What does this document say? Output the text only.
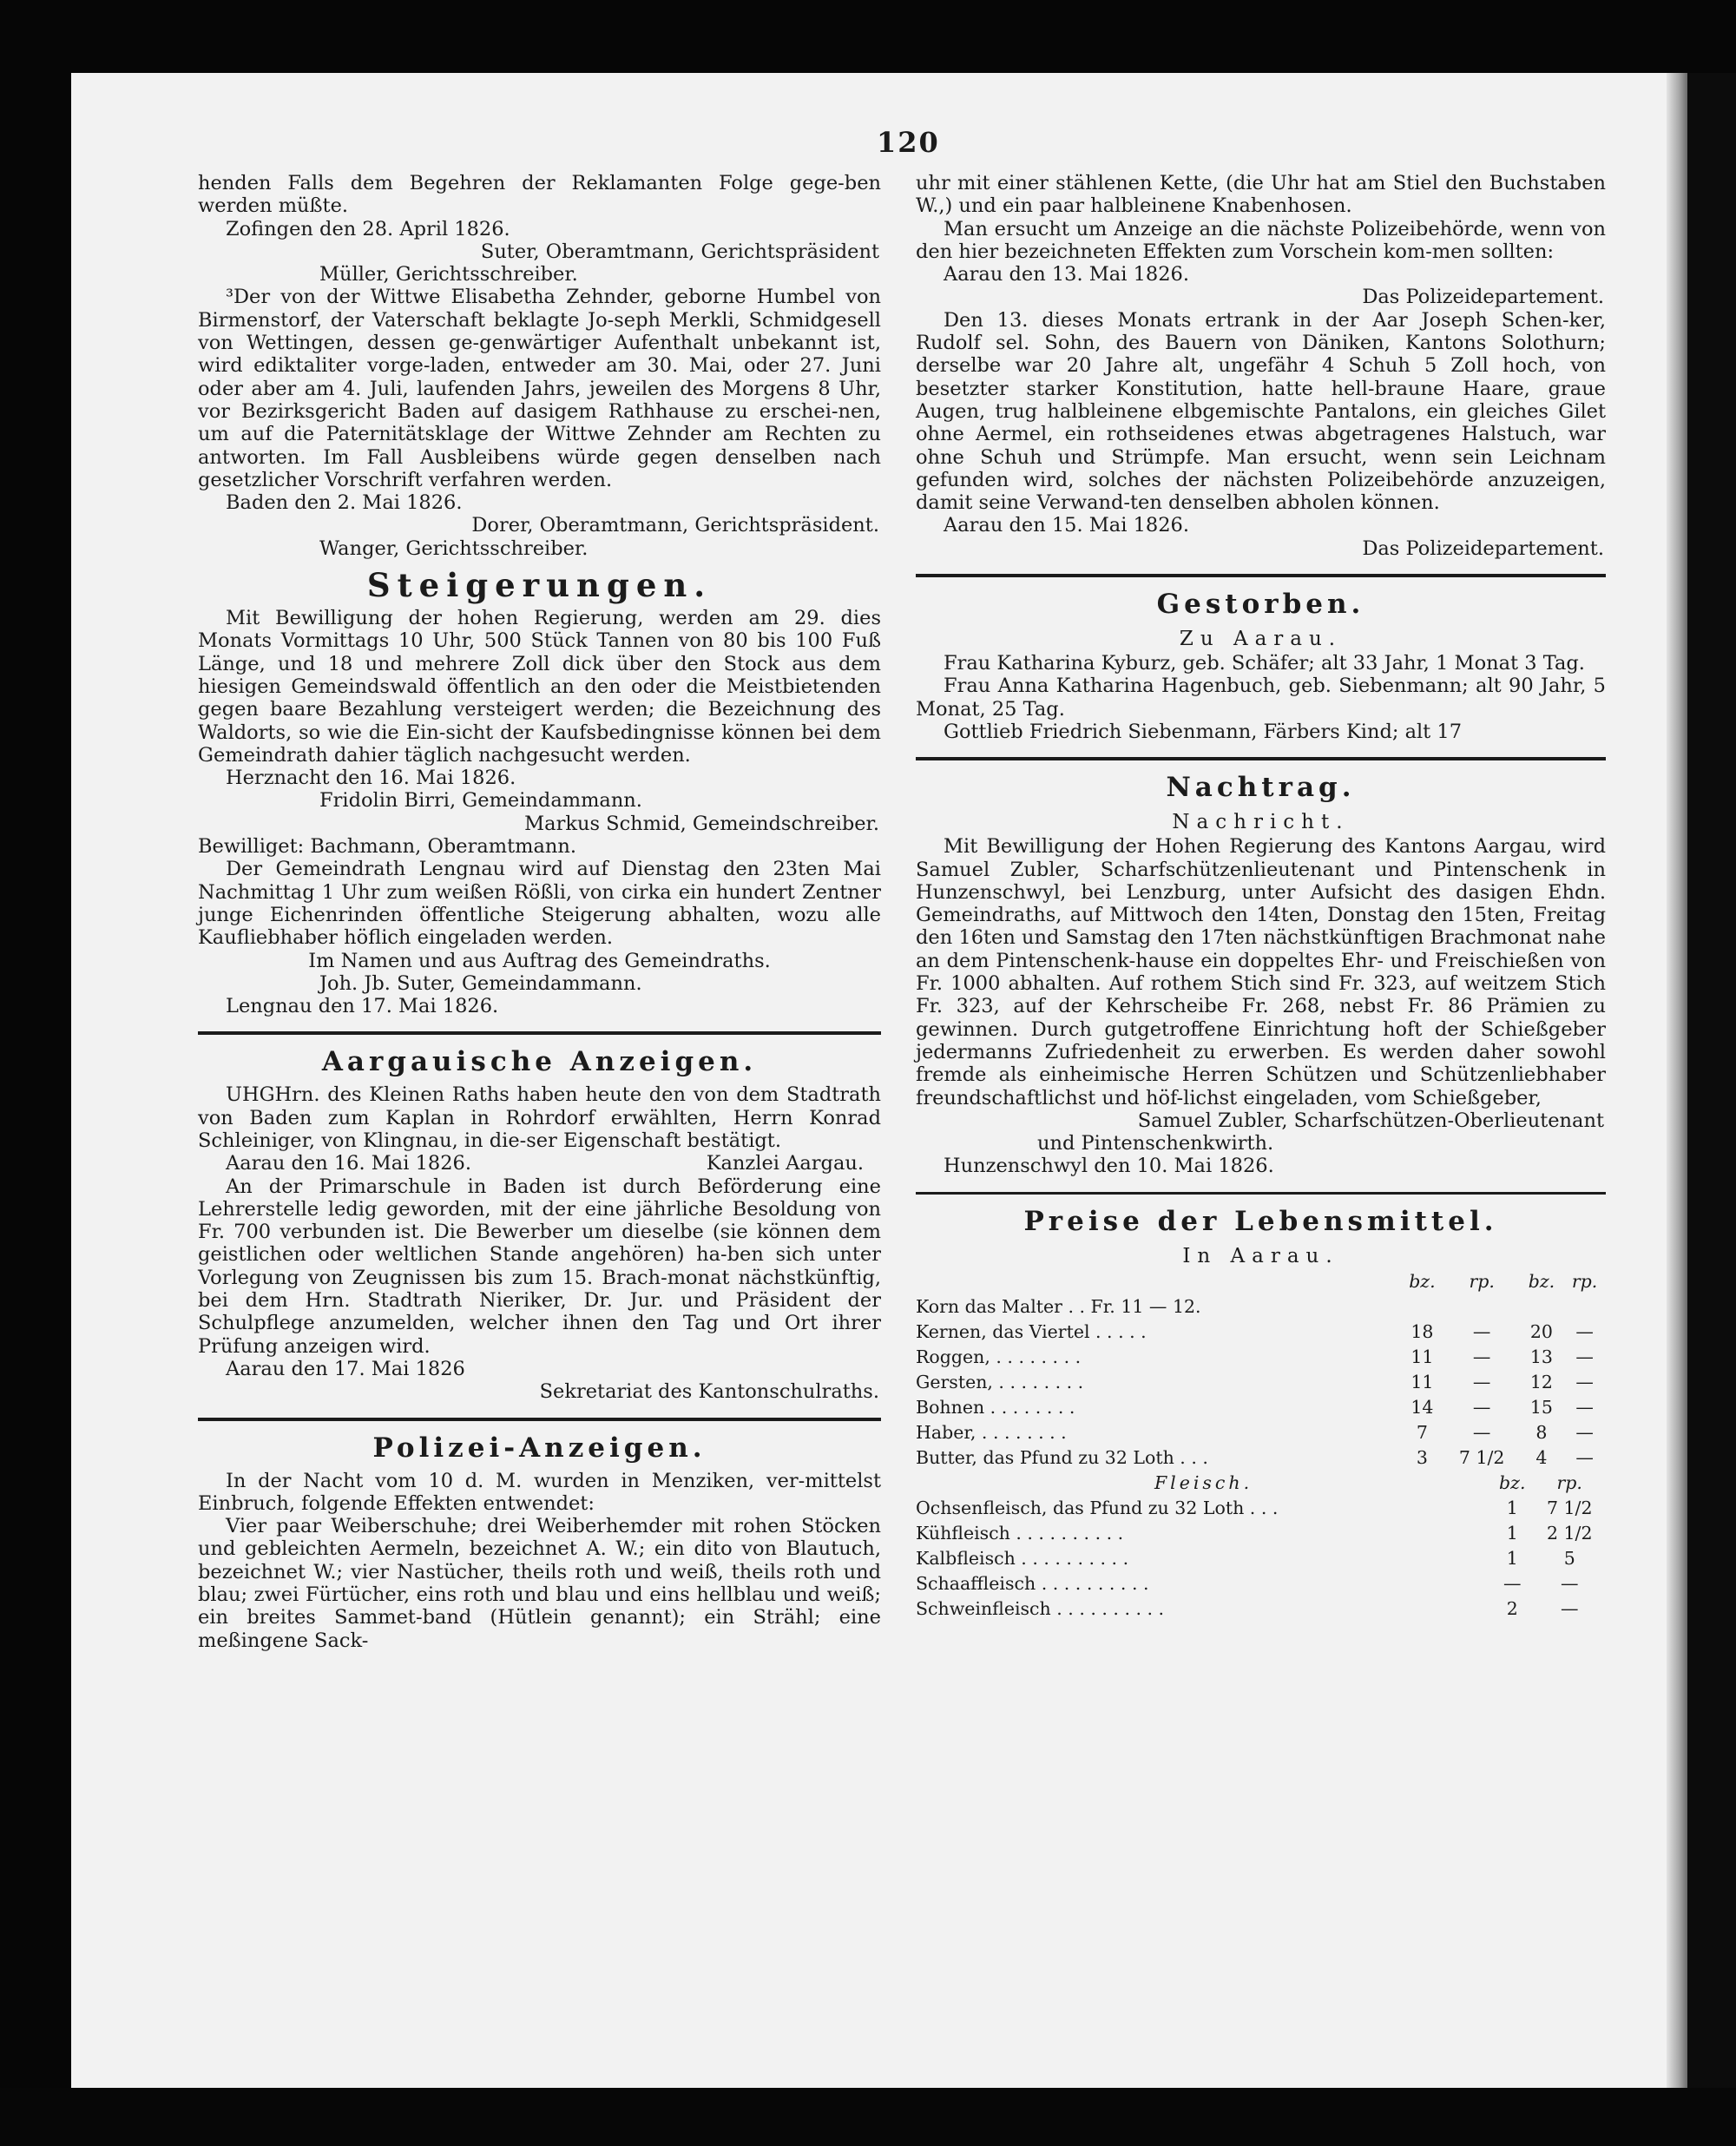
120

henden Falls dem Begehren der Reklamanten Folge gege-ben werden müßte.

Zofingen den 28. April 1826.

Suter, Oberamtmann, Gerichtspräsident

Müller, Gerichtsschreiber.

³Der von der Wittwe Elisabetha Zehnder, geborne Humbel von Birmenstorf, der Vaterschaft beklagte Jo-seph Merkli, Schmidgesell von Wettingen, dessen ge-genwärtiger Aufenthalt unbekannt ist, wird ediktaliter vorge-laden, entweder am 30. Mai, oder 27. Juni oder aber am 4. Juli, laufenden Jahrs, jeweilen des Morgens 8 Uhr, vor Bezirksgericht Baden auf dasigem Rathhause zu erschei-nen, um auf die Paternitätsklage der Wittwe Zehnder am Rechten zu antworten. Im Fall Ausbleibens würde gegen denselben nach gesetzlicher Vorschrift verfahren werden.

Baden den 2. Mai 1826.

Dorer, Oberamtmann, Gerichtspräsident.

Wanger, Gerichtsschreiber.

Steigerungen.

Mit Bewilligung der hohen Regierung, werden am 29. dies Monats Vormittags 10 Uhr, 500 Stück Tannen von 80 bis 100 Fuß Länge, und 18 und mehrere Zoll dick über den Stock aus dem hiesigen Gemeindswald öffentlich an den oder die Meistbietenden gegen baare Bezahlung versteigert werden; die Bezeichnung des Waldorts, so wie die Ein-sicht der Kaufsbedingnisse können bei dem Gemeindrath dahier täglich nachgesucht werden.

Herznacht den 16. Mai 1826.

Fridolin Birri, Gemeindammann.

Markus Schmid, Gemeindschreiber.

Bewilliget: Bachmann, Oberamtmann.

Der Gemeindrath Lengnau wird auf Dienstag den 23ten Mai Nachmittag 1 Uhr zum weißen Rößli, von cirka ein hundert Zentner junge Eichenrinden öffentliche Steigerung abhalten, wozu alle Kaufliebhaber höflich eingeladen werden.

Im Namen und aus Auftrag des Gemeindraths.

Joh. Jb. Suter, Gemeindammann.

Lengnau den 17. Mai 1826.

Aargauische Anzeigen.

UHGHrn. des Kleinen Raths haben heute den von dem Stadtrath von Baden zum Kaplan in Rohrdorf erwählten, Herrn Konrad Schleiniger, von Klingnau, in die-ser Eigenschaft bestätigt.

Aarau den 16. Mai 1826.	Kanzlei Aargau.

An der Primarschule in Baden ist durch Beförderung eine Lehrerstelle ledig geworden, mit der eine jährliche Besoldung von Fr. 700 verbunden ist. Die Bewerber um dieselbe (sie können dem geistlichen oder weltlichen Stande angehören) ha-ben sich unter Vorlegung von Zeugnissen bis zum 15. Brach-monat nächstkünftig, bei dem Hrn. Stadtrath Nieriker, Dr. Jur. und Präsident der Schulpflege anzumelden, welcher ihnen den Tag und Ort ihrer Prüfung anzeigen wird.

Aarau den 17. Mai 1826

Sekretariat des Kantonschulraths.

Polizei-Anzeigen.

In der Nacht vom 10 d. M. wurden in Menziken, ver-mittelst Einbruch, folgende Effekten entwendet:

Vier paar Weiberschuhe; drei Weiberhemder mit rohen Stöcken und gebleichten Aermeln, bezeichnet A. W.; ein dito von Blautuch, bezeichnet W.; vier Nastücher, theils roth und weiß, theils roth und blau; zwei Fürtücher, eins roth und blau und eins hellblau und weiß; ein breites Sammet-band (Hütlein genannt); ein Strähl; eine meßingene Sack-

uhr mit einer stählenen Kette, (die Uhr hat am Stiel den Buchstaben W.,) und ein paar halbleinene Knabenhosen.

Man ersucht um Anzeige an die nächste Polizeibehörde, wenn von den hier bezeichneten Effekten zum Vorschein kom-men sollten:

Aarau den 13. Mai 1826.

Das Polizeidepartement.

Den 13. dieses Monats ertrank in der Aar Joseph Schen-ker, Rudolf sel. Sohn, des Bauern von Däniken, Kantons Solothurn; derselbe war 20 Jahre alt, ungefähr 4 Schuh 5 Zoll hoch, von besetzter starker Konstitution, hatte hell-braune Haare, graue Augen, trug halbleinene elbgemischte Pantalons, ein gleiches Gilet ohne Aermel, ein rothseidenes etwas abgetragenes Halstuch, war ohne Schuh und Strümpfe. Man ersucht, wenn sein Leichnam gefunden wird, solches der nächsten Polizeibehörde anzuzeigen, damit seine Verwand-ten denselben abholen können.

Aarau den 15. Mai 1826.

Das Polizeidepartement.

Gestorben.
Zu Aarau.

Frau Katharina Kyburz, geb. Schäfer; alt 33 Jahr, 1 Monat 3 Tag.

Frau Anna Katharina Hagenbuch, geb. Siebenmann; alt 90 Jahr, 5 Monat, 25 Tag.

Gottlieb Friedrich Siebenmann, Färbers Kind; alt 17

Nachtrag.
Nachricht.

Mit Bewilligung der Hohen Regierung des Kantons Aargau, wird Samuel Zubler, Scharfschützenlieutenant und Pintenschenk in Hunzenschwyl, bei Lenzburg, unter Aufsicht des dasigen Ehdn. Gemeindraths, auf Mittwoch den 14ten, Donstag den 15ten, Freitag den 16ten und Samstag den 17ten nächstkünftigen Brachmonat nahe an dem Pintenschenk-hause ein doppeltes Ehr- und Freischießen von Fr. 1000 abhalten. Auf rothem Stich sind Fr. 323, auf weitzem Stich Fr. 323, auf der Kehrscheibe Fr. 268, nebst Fr. 86 Prämien zu gewinnen. Durch gutgetroffene Einrichtung hoft der Schießgeber jedermanns Zufriedenheit zu erwerben. Es werden daher sowohl fremde als einheimische Herren Schützen und Schützenliebhaber freundschaftlichst und höf-lichst eingeladen, vom Schießgeber,

Samuel Zubler, Scharfschützen-Oberlieutenant

und Pintenschenkwirth.

Hunzenschwyl den 10. Mai 1826.

Preise der Lebensmittel.
In Aarau.
	bz.	rp.	bz.	rp.
Korn das Malter . . Fr. 11 — 12.				
Kernen, das Viertel . . . . .	18	—	20	—
Roggen, . . . . . . . .	11	—	13	—
Gersten, . . . . . . . .	11	—	12	—
Bohnen . . . . . . . .	14	—	15	—
Haber, . . . . . . . .	7	—	8	—
Butter, das Pfund zu 32 Loth . . .	3	7 1/2	4	—
Fleisch.	bz.	rp.
Ochsenfleisch, das Pfund zu 32 Loth . . .	1	7 1/2
Kühfleisch . . . . . . . . . .	1	2 1/2
Kalbfleisch . . . . . . . . . .	1	5
Schaaffleisch . . . . . . . . . .	—	—
Schweinfleisch . . . . . . . . . .	2	—
